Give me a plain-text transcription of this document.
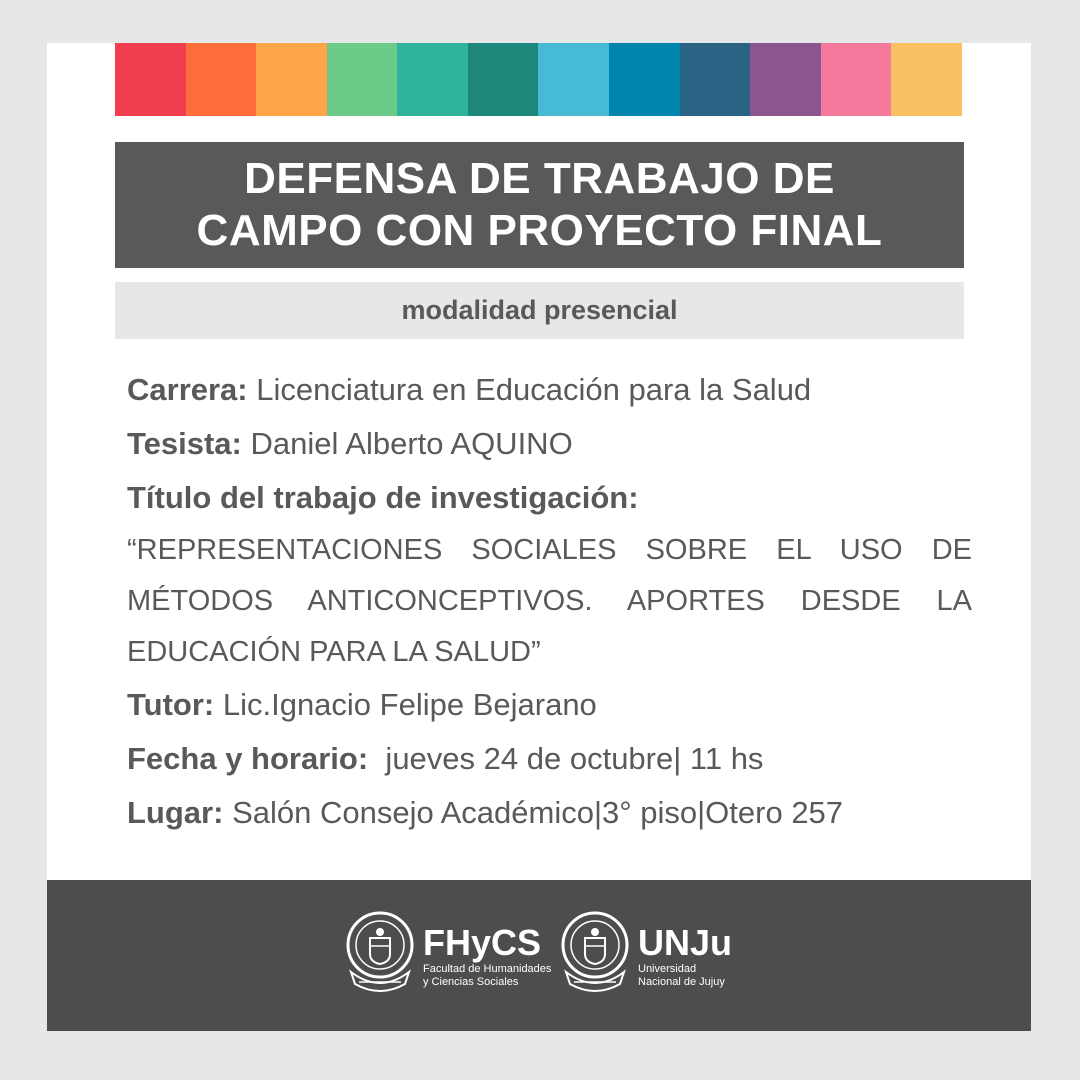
DEFENSA DE TRABAJO DE
CAMPO CON PROYECTO FINAL
modalidad presencial
Carrera: Licenciatura en Educación para la Salud
Tesista: Daniel Alberto AQUINO
Título del trabajo de investigación:
“REPRESENTACIONES SOCIALES SOBRE EL USO DE MÉTODOS ANTICONCEPTIVOS. APORTES DESDE LA EDUCACIÓN PARA LA SALUD”
Tutor: Lic.Ignacio Felipe Bejarano
Fecha y horario:  jueves 24 de octubre| 11 hs
Lugar: Salón Consejo Académico|3° piso|Otero 257
FHyCS
Facultad de Humanidades
y Ciencias Sociales
UNJu
Universidad
Nacional de Jujuy
